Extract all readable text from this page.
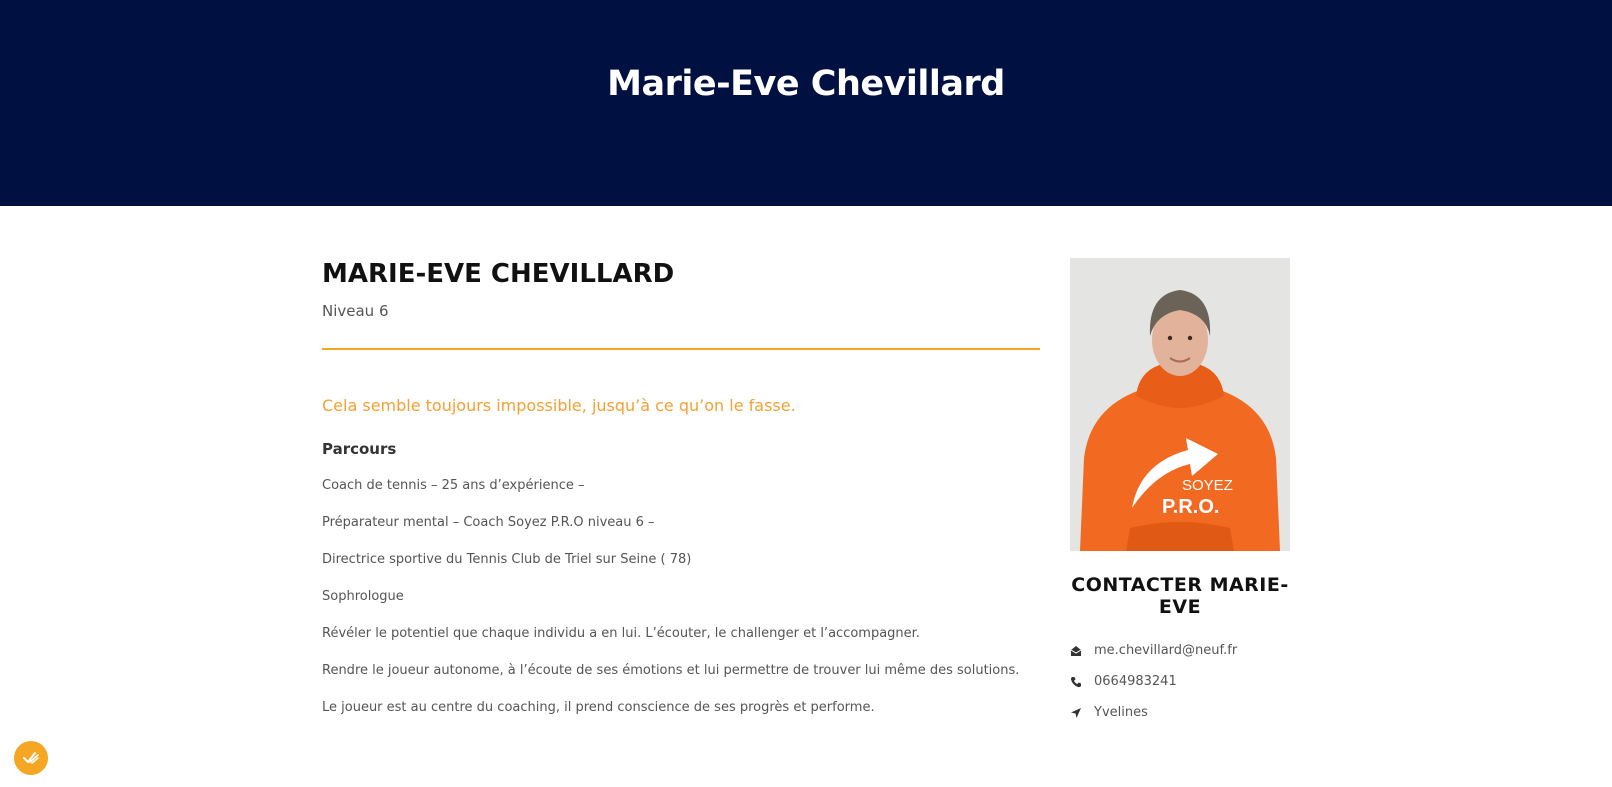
Marie-Eve Chevillard
MARIE-EVE CHEVILLARD
Niveau 6

Cela semble toujours impossible, jusqu’à ce qu’on le fasse.

Parcours

Coach de tennis – 25 ans d’expérience –

Préparateur mental – Coach Soyez P.R.O niveau 6 –

Directrice sportive du Tennis Club de Triel sur Seine ( 78)

Sophrologue

Révéler le potentiel que chaque individu a en lui. L’écouter, le challenger et l’accompagner.

Rendre le joueur autonome, à l’écoute de ses émotions et lui permettre de trouver lui même des solutions.

Le joueur est au centre du coaching, il prend conscience de ses progrès et performe.

SOYEZ
P.R.O.
CONTACTER MARIE-EVE
me.chevillard@neuf.fr
0664983241
Yvelines
